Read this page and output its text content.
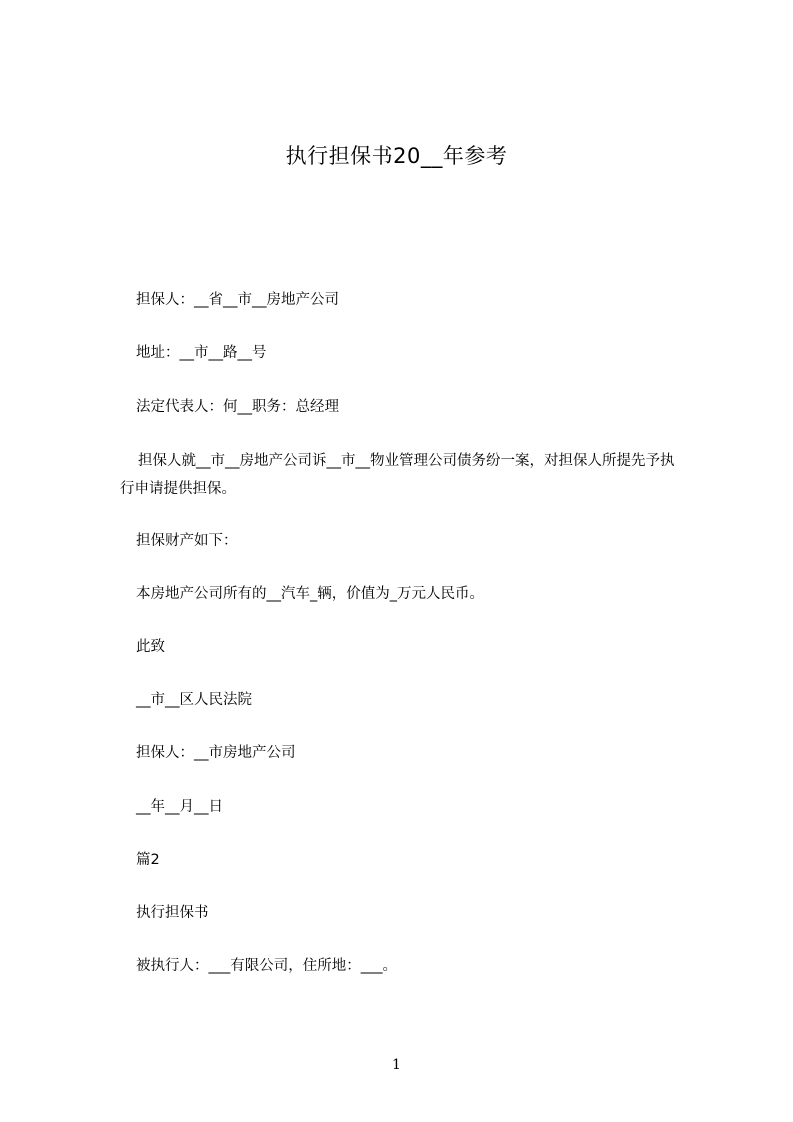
执行担保书20__年参考
担保人：__省__市__房地产公司
地址：__市__路__号
法定代表人：何__职务：总经理
担保人就__市__房地产公司诉__市__物业管理公司债务纷一案，对担保人所提先予执行申请提供担保。
担保财产如下：
本房地产公司所有的__汽车_辆，价值为_万元人民币。
此致
__市__区人民法院
担保人：__市房地产公司
__年__月__日
篇2
执行担保书
被执行人：___有限公司，住所地：___。
1
